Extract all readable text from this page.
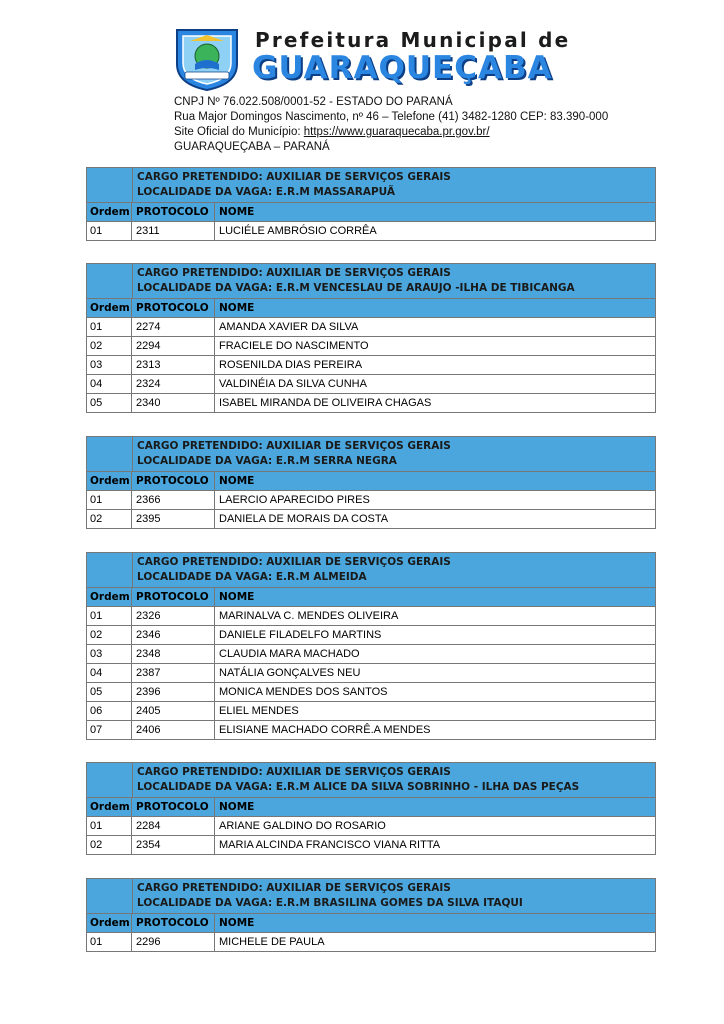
Prefeitura Municipal de
GUARAQUEÇABA
CNPJ Nº 76.022.508/0001-52 - ESTADO DO PARANÁ
Rua Major Domingos Nascimento, nº 46 – Telefone (41) 3482-1280 CEP: 83.390-000
Site Oficial do Município: https://www.guaraquecaba.pr.gov.br/
GUARAQUEÇABA – PARANÁ
CARGO PRETENDIDO: AUXILIAR DE SERVIÇOS GERAIS
LOCALIDADE DA VAGA: E.R.M MASSARAPUÃ
Ordem PROTOCOLO NOME
01	2311	LUCIÉLE AMBRÓSIO CORRÊA
CARGO PRETENDIDO: AUXILIAR DE SERVIÇOS GERAIS
LOCALIDADE DA VAGA: E.R.M VENCESLAU DE ARAUJO -ILHA DE TIBICANGA
Ordem PROTOCOLO NOME
01	2274	AMANDA XAVIER DA SILVA
02	2294	FRACIELE DO NASCIMENTO
03	2313	ROSENILDA DIAS PEREIRA
04	2324	VALDINÉIA DA SILVA CUNHA
05	2340	ISABEL MIRANDA DE OLIVEIRA CHAGAS
CARGO PRETENDIDO: AUXILIAR DE SERVIÇOS GERAIS
LOCALIDADE DA VAGA: E.R.M SERRA NEGRA
Ordem PROTOCOLO NOME
01	2366	LAERCIO APARECIDO PIRES
02	2395	DANIELA DE MORAIS DA COSTA
CARGO PRETENDIDO: AUXILIAR DE SERVIÇOS GERAIS
LOCALIDADE DA VAGA: E.R.M ALMEIDA
Ordem PROTOCOLO NOME
01	2326	MARINALVA C. MENDES OLIVEIRA
02	2346	DANIELE FILADELFO MARTINS
03	2348	CLAUDIA MARA MACHADO
04	2387	NATÁLIA GONÇALVES NEU
05	2396	MONICA MENDES DOS SANTOS
06	2405	ELIEL MENDES
07	2406	ELISIANE MACHADO CORRÊ.A MENDES
CARGO PRETENDIDO: AUXILIAR DE SERVIÇOS GERAIS
LOCALIDADE DA VAGA: E.R.M ALICE DA SILVA SOBRINHO - ILHA DAS PEÇAS
Ordem PROTOCOLO NOME
01	2284	ARIANE GALDINO DO ROSARIO
02	2354	MARIA ALCINDA FRANCISCO VIANA RITTA
CARGO PRETENDIDO: AUXILIAR DE SERVIÇOS GERAIS
LOCALIDADE DA VAGA: E.R.M BRASILINA GOMES DA SILVA ITAQUI
Ordem PROTOCOLO NOME
01	2296	MICHELE DE PAULA
